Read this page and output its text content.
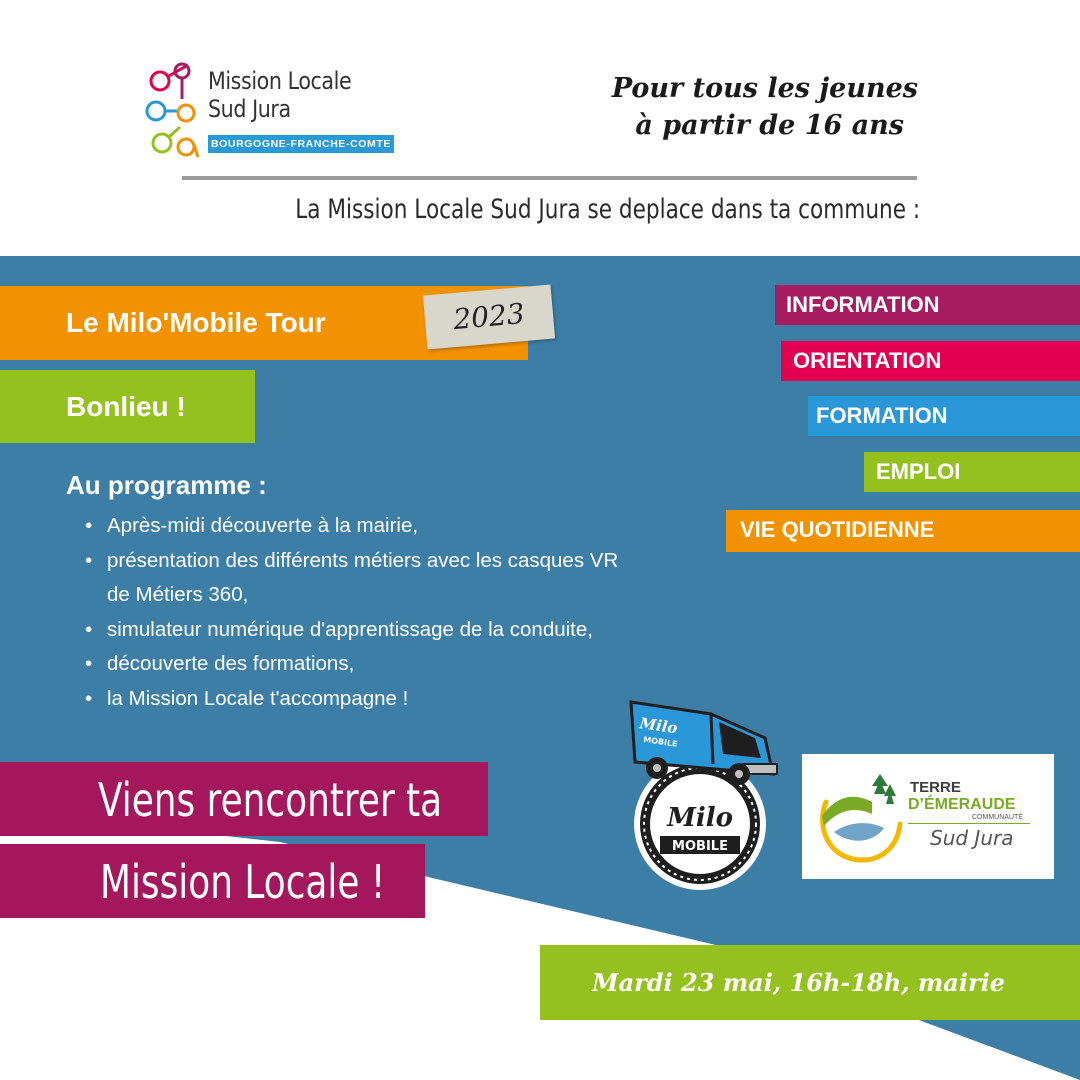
Mission Locale
Sud Jura
BOURGOGNE-FRANCHE-COMTE
Pour tous les jeunes
à partir de 16 ans
La Mission Locale Sud Jura se deplace dans ta commune :
Le Milo'Mobile Tour	2023
Bonlieu !
Au programme :
• Après-midi découverte à la mairie,
• présentation des différents métiers avec les casques VR de Métiers 360,
• simulateur numérique d'apprentissage de la conduite,
• découverte des formations,
• la Mission Locale t'accompagne !
INFORMATION
ORIENTATION
FORMATION
EMPLOI
VIE QUOTIDIENNE
Viens rencontrer ta
Mission Locale !
Milo
MOBILE
Milo
MOBILE
TERRE
D’ÉMERAUDE
COMMUNAUTÉ
Sud Jura
Mardi 23 mai, 16h-18h, mairie
